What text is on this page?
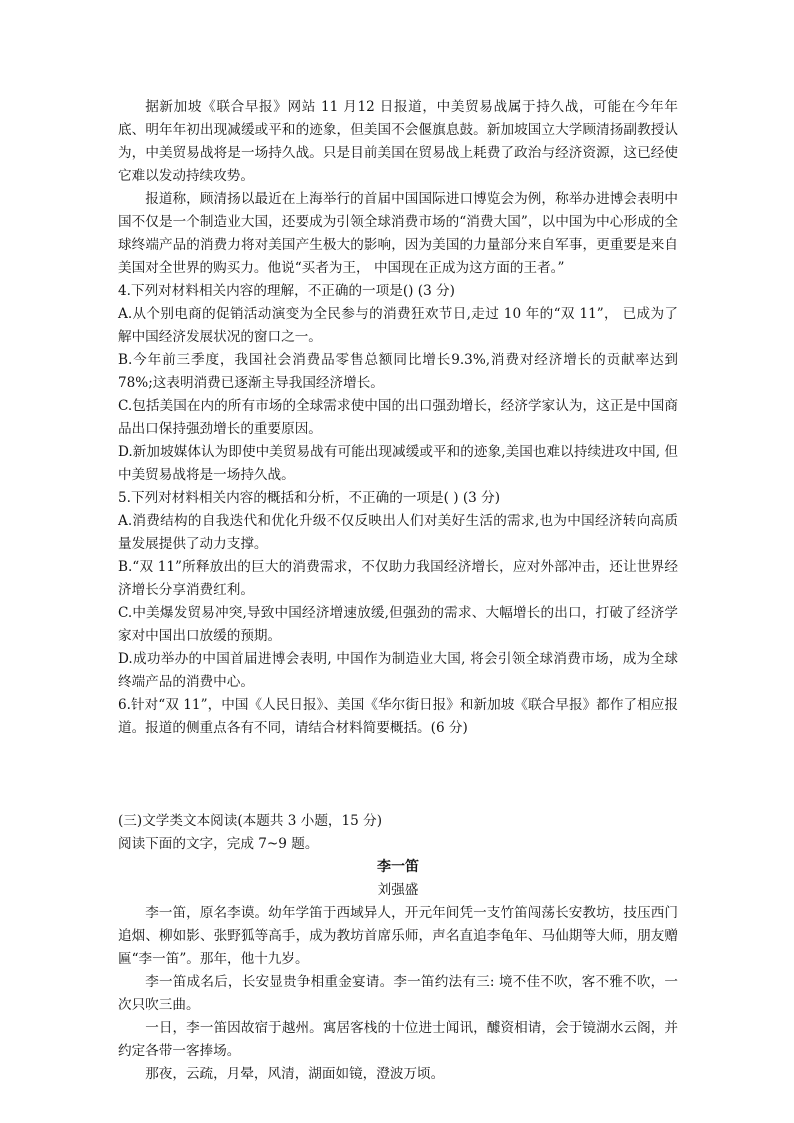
据新加坡《联合早报》网站 11 月12 日报道，中美贸易战属于持久战，可能在今年年底、明年年初出现减缓或平和的迹象，但美国不会偃旗息鼓。新加坡国立大学顾清扬副教授认为，中美贸易战将是一场持久战。只是目前美国在贸易战上耗费了政治与经济资源，这已经使它难以发动持续攻势。

报道称，顾清扬以最近在上海举行的首届中国国际进口博览会为例，称举办进博会表明中国不仅是一个制造业大国，还要成为引领全球消费市场的“消费大国”，以中国为中心形成的全球终端产品的消费力将对美国产生极大的影响，因为美国的力量部分来自军事，更重要是来自美国对全世界的购买力。他说“买者为王， 中国现在正成为这方面的王者。”

4.下列对材料相关内容的理解，不正确的一项是() (3 分)

A.从个别电商的促销活动演变为全民参与的消费狂欢节日,走过 10 年的“双 11”， 已成为了解中国经济发展状况的窗口之一。

B.今年前三季度，我国社会消费品零售总额同比增长9.3%,消费对经济增长的贡献率达到 78%;这表明消费已逐渐主导我国经济增长。

C.包括美国在内的所有市场的全球需求使中国的出口强劲增长，经济学家认为，这正是中国商品出口保持强劲增长的重要原因。

D.新加坡媒体认为即使中美贸易战有可能出现减缓或平和的迹象,美国也难以持续进攻中国, 但中美贸易战将是一场持久战。

5.下列对材料相关内容的概括和分析，不正确的一项是( ) (3 分)

A.消费结构的自我迭代和优化升级不仅反映出人们对美好生活的需求,也为中国经济转向高质量发展提供了动力支撑。

B.“双 11”所释放出的巨大的消费需求，不仅助力我国经济增长，应对外部冲击，还让世界经济增长分享消费红利。

C.中美爆发贸易冲突,导致中国经济增速放缓,但强劲的需求、大幅增长的出口，打破了经济学家对中国出口放缓的预期。

D.成功举办的中国首届进博会表明, 中国作为制造业大国, 将会引领全球消费市场，成为全球终端产品的消费中心。

6.针对“双 11”，中国《人民日报》、美国《华尔街日报》和新加坡《联合早报》都作了相应报道。报道的侧重点各有不同，请结合材料简要概括。(6 分)

(三)文学类文本阅读(本题共 3 小题，15 分)

阅读下面的文字，完成 7~9 题。

李一笛

刘强盛

李一笛，原名李谟。幼年学笛于西域异人，开元年间凭一支竹笛闯荡长安教坊，技压西门追烟、柳如影、张野狐等高手，成为教坊首席乐师，声名直追李龟年、马仙期等大师，朋友赠匾“李一笛”。那年，他十九岁。

李一笛成名后，长安显贵争相重金宴请。李一笛约法有三: 境不佳不吹，客不雅不吹，一次只吹三曲。

一日，李一笛因故宿于越州。寓居客栈的十位进士闻讯，醵资相请，会于镜湖水云阁，并约定各带一客捧场。

那夜，云疏，月晕，风清，湖面如镜，澄波万顷。
